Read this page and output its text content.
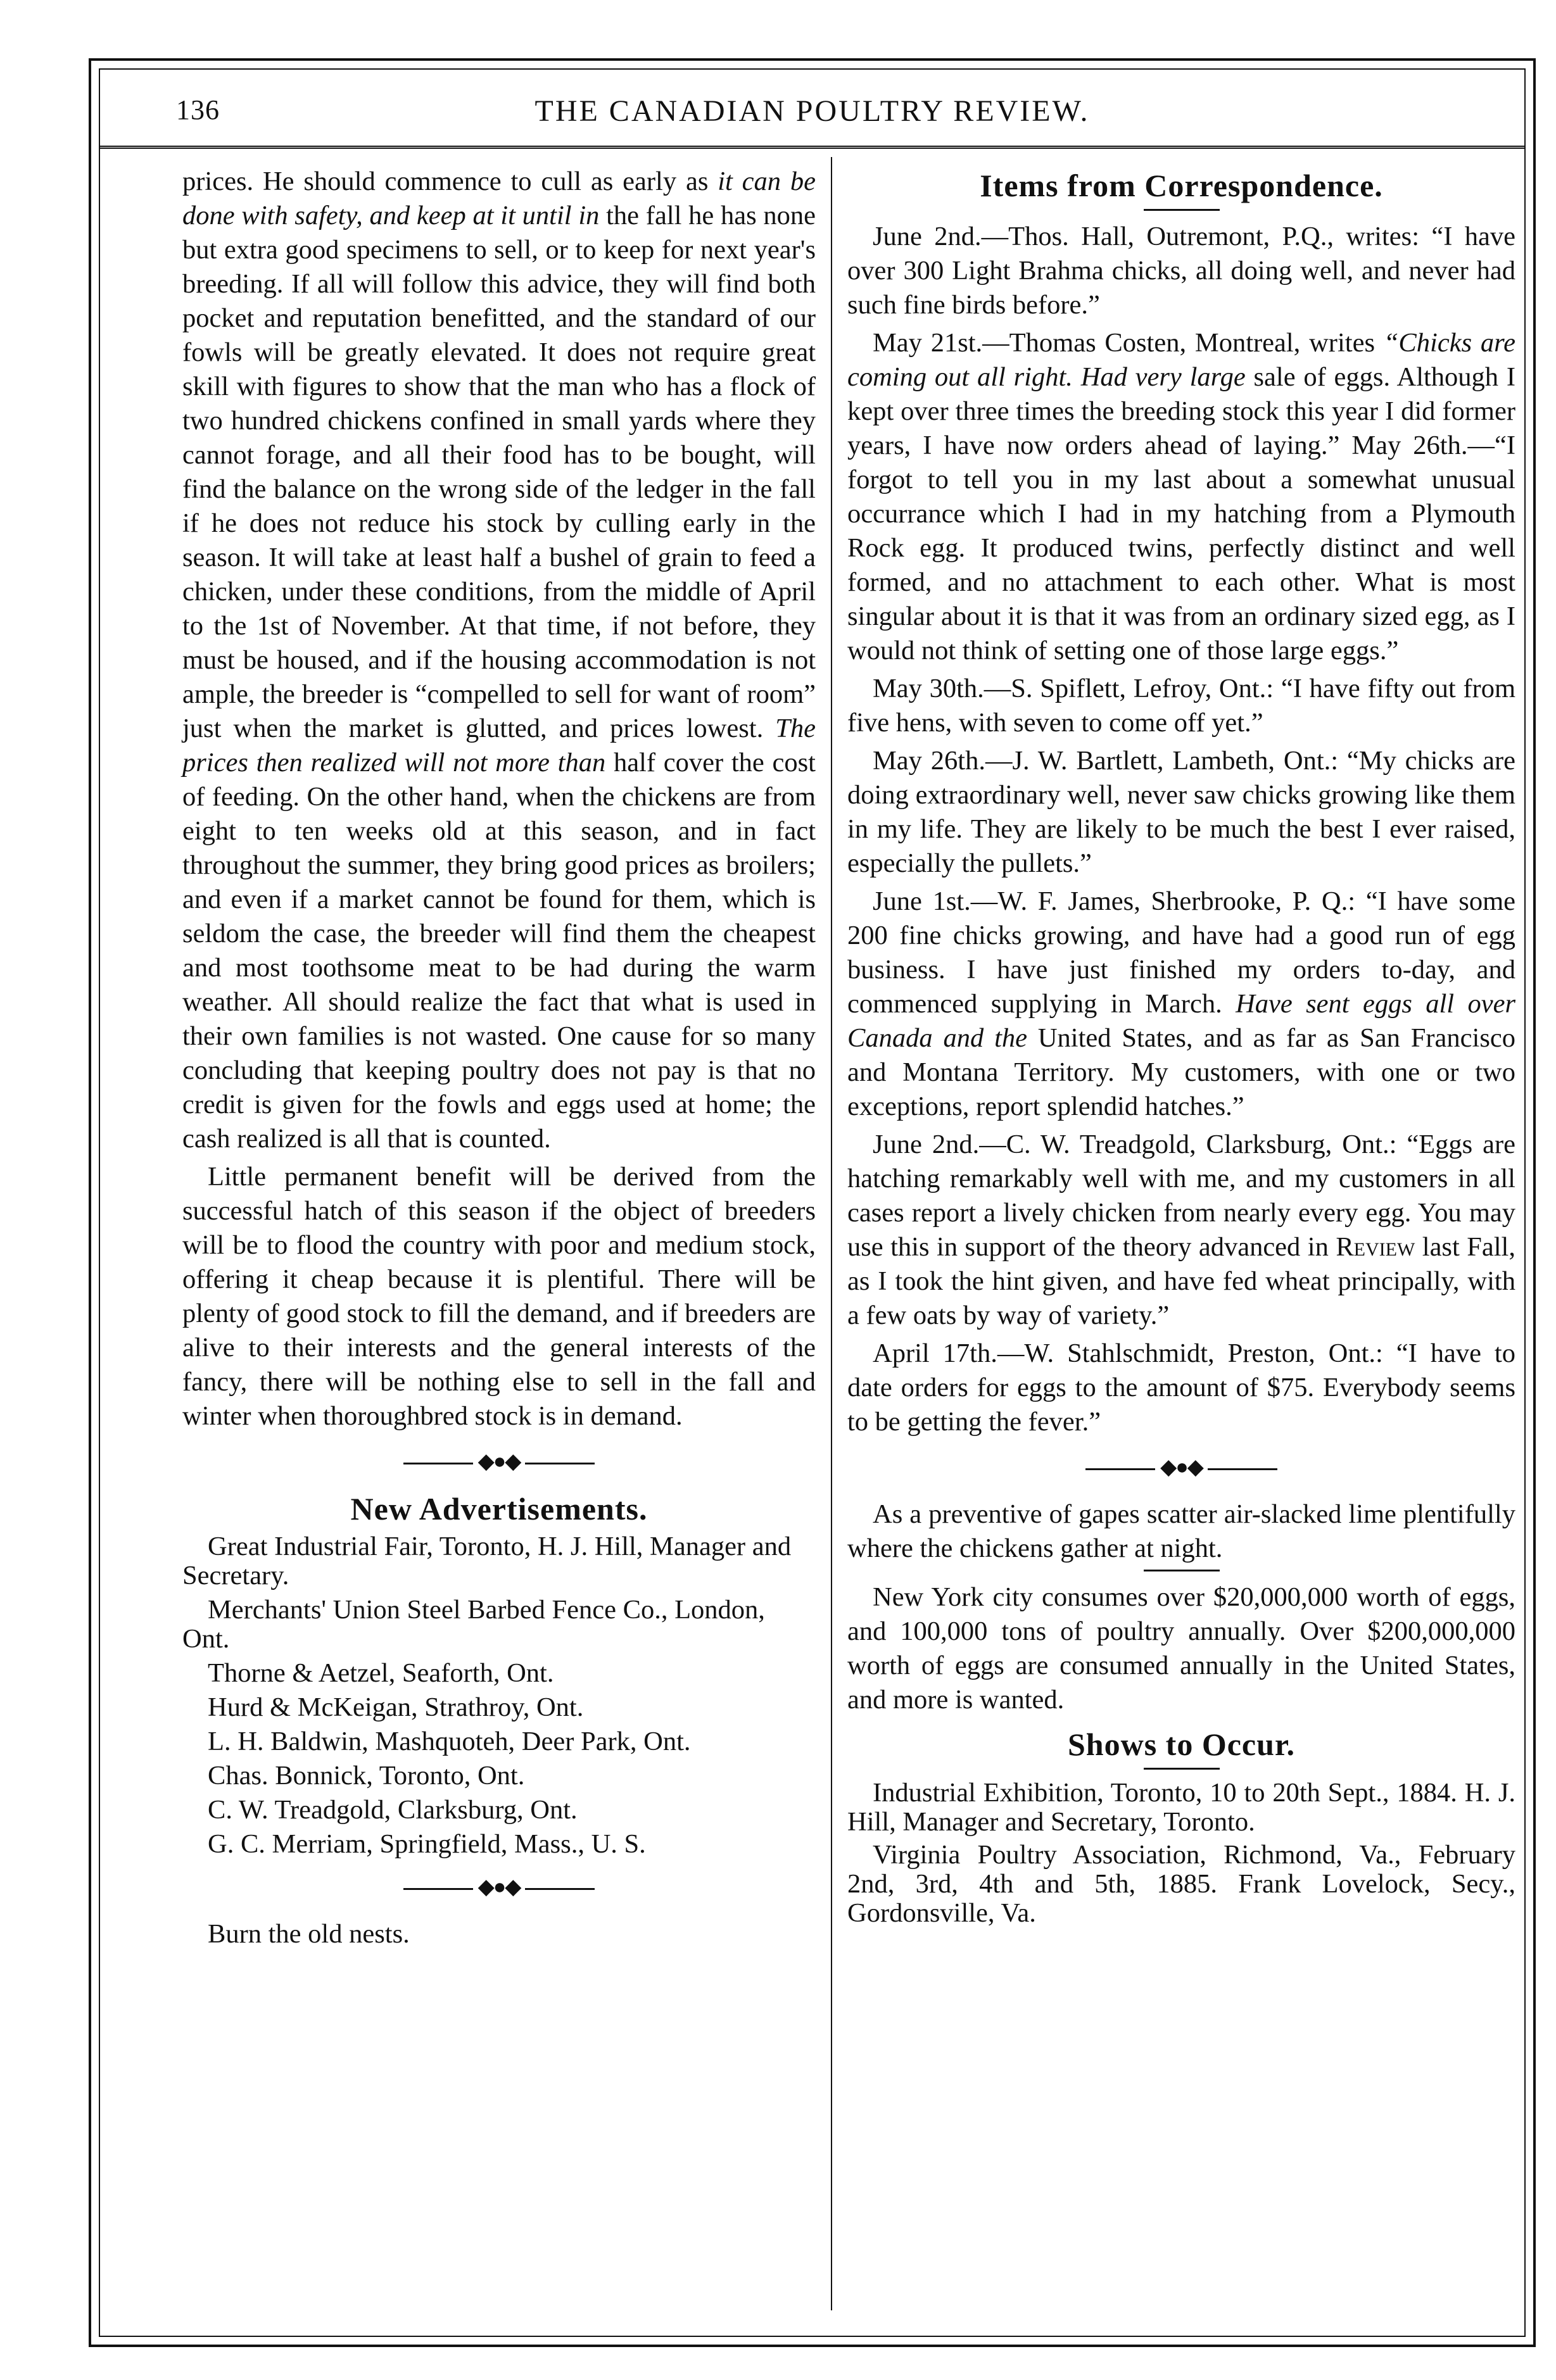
136	THE CANADIAN POULTRY REVIEW.

prices. He should commence to cull as early as it can be done with safety, and keep at it until in the fall he has none but extra good specimens to sell, or to keep for next year's breeding. If all will follow this advice, they will find both pocket and reputation benefitted, and the standard of our fowls will be greatly elevated. It does not require great skill with figures to show that the man who has a flock of two hundred chickens confined in small yards where they cannot forage, and all their food has to be bought, will find the balance on the wrong side of the ledger in the fall if he does not reduce his stock by culling early in the season. It will take at least half a bushel of grain to feed a chicken, under these conditions, from the middle of April to the 1st of November. At that time, if not before, they must be housed, and if the housing accommodation is not ample, the breeder is “compelled to sell for want of room” just when the market is glutted, and prices lowest. The prices then realized will not more than half cover the cost of feeding. On the other hand, when the chickens are from eight to ten weeks old at this season, and in fact throughout the summer, they bring good prices as broilers; and even if a market cannot be found for them, which is seldom the case, the breeder will find them the cheapest and most toothsome meat to be had during the warm weather. All should realize the fact that what is used in their own families is not wasted. One cause for so many concluding that keeping poultry does not pay is that no credit is given for the fowls and eggs used at home; the cash realized is all that is counted.

Little permanent benefit will be derived from the successful hatch of this season if the object of breeders will be to flood the country with poor and medium stock, offering it cheap because it is plentiful. There will be plenty of good stock to fill the demand, and if breeders are alive to their interests and the general interests of the fancy, there will be nothing else to sell in the fall and winter when thoroughbred stock is in demand.

◆●◆
New Advertisements.
Great Industrial Fair, Toronto, H. J. Hill, Manager and Secretary.
Merchants' Union Steel Barbed Fence Co., London, Ont.
Thorne & Aetzel, Seaforth, Ont.
Hurd & McKeigan, Strathroy, Ont.
L. H. Baldwin, Mashquoteh, Deer Park, Ont.
Chas. Bonnick, Toronto, Ont.
C. W. Treadgold, Clarksburg, Ont.
G. C. Merriam, Springfield, Mass., U. S.
◆●◆

Burn the old nests.

Items from Correspondence.

June 2nd.—Thos. Hall, Outremont, P.Q., writes: “I have over 300 Light Brahma chicks, all doing well, and never had such fine birds before.”

May 21st.—Thomas Costen, Montreal, writes “Chicks are coming out all right. Had very large sale of eggs. Although I kept over three times the breeding stock this year I did former years, I have now orders ahead of laying.” May 26th.—“I forgot to tell you in my last about a somewhat unusual occurrance which I had in my hatching from a Plymouth Rock egg. It produced twins, perfectly distinct and well formed, and no attachment to each other. What is most singular about it is that it was from an ordinary sized egg, as I would not think of setting one of those large eggs.”

May 30th.—S. Spiflett, Lefroy, Ont.: “I have fifty out from five hens, with seven to come off yet.”

May 26th.—J. W. Bartlett, Lambeth, Ont.: “My chicks are doing extraordinary well, never saw chicks growing like them in my life. They are likely to be much the best I ever raised, especially the pullets.”

June 1st.—W. F. James, Sherbrooke, P. Q.: “I have some 200 fine chicks growing, and have had a good run of egg business. I have just finished my orders to-day, and commenced supplying in March. Have sent eggs all over Canada and the United States, and as far as San Francisco and Montana Territory. My customers, with one or two exceptions, report splendid hatches.”

June 2nd.—C. W. Treadgold, Clarksburg, Ont.: “Eggs are hatching remarkably well with me, and my customers in all cases report a lively chicken from nearly every egg. You may use this in support of the theory advanced in Review last Fall, as I took the hint given, and have fed wheat principally, with a few oats by way of variety.”

April 17th.—W. Stahlschmidt, Preston, Ont.: “I have to date orders for eggs to the amount of $75. Everybody seems to be getting the fever.”

◆●◆

As a preventive of gapes scatter air-slacked lime plentifully where the chickens gather at night.

New York city consumes over $20,000,000 worth of eggs, and 100,000 tons of poultry annually. Over $200,000,000 worth of eggs are consumed annually in the United States, and more is wanted.

Shows to Occur.

Industrial Exhibition, Toronto, 10 to 20th Sept., 1884. H. J. Hill, Manager and Secretary, Toronto.

Virginia Poultry Association, Richmond, Va., February 2nd, 3rd, 4th and 5th, 1885. Frank Lovelock, Secy., Gordonsville, Va.
